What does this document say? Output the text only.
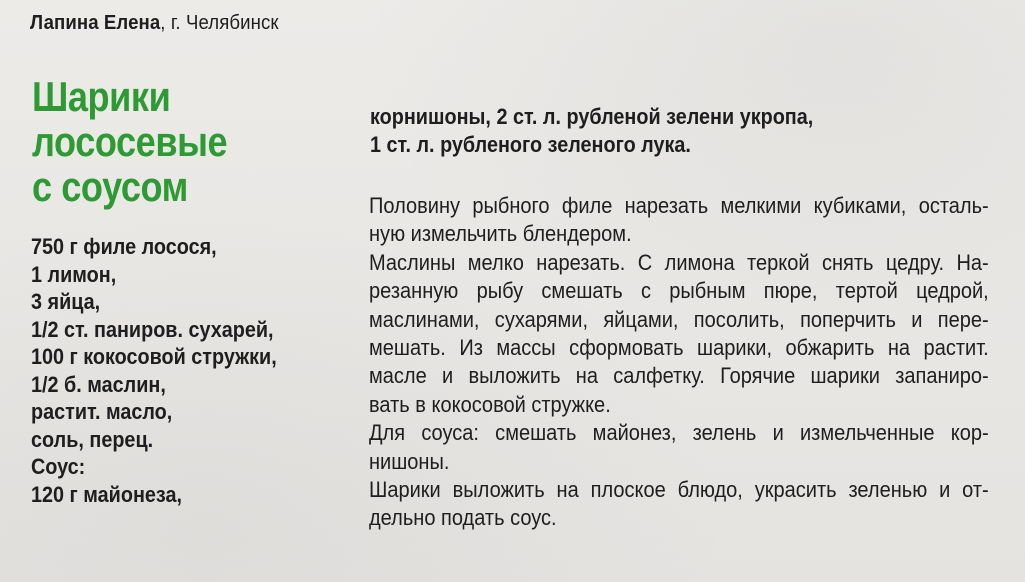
Лапина Елена, г. Челябинск
Шарики
лососевые
с соусом
750 г филе лосося,
1 лимон,
3 яйца,
1/2 ст. паниров. сухарей,
100 г кокосовой стружки,
1/2 б. маслин,
растит. масло,
соль, перец.
Соус:
120 г майонеза,
корнишоны, 2 ст. л. рубленой зелени укропа,
1 ст. л. рубленого зеленого лука.
Половину рыбного филе нарезать мелкими кубиками, осталь-
ную измельчить блендером.
Маслины мелко нарезать. С лимона теркой снять цедру. На-
резанную рыбу смешать с рыбным пюре, тертой цедрой,
маслинами, сухарями, яйцами, посолить, поперчить и пере-
мешать. Из массы сформовать шарики, обжарить на растит.
масле и выложить на салфетку. Горячие шарики запаниро-
вать в кокосовой стружке.
Для соуса: смешать майонез, зелень и измельченные кор-
нишоны.
Шарики выложить на плоское блюдо, украсить зеленью и от-
дельно подать соус.
